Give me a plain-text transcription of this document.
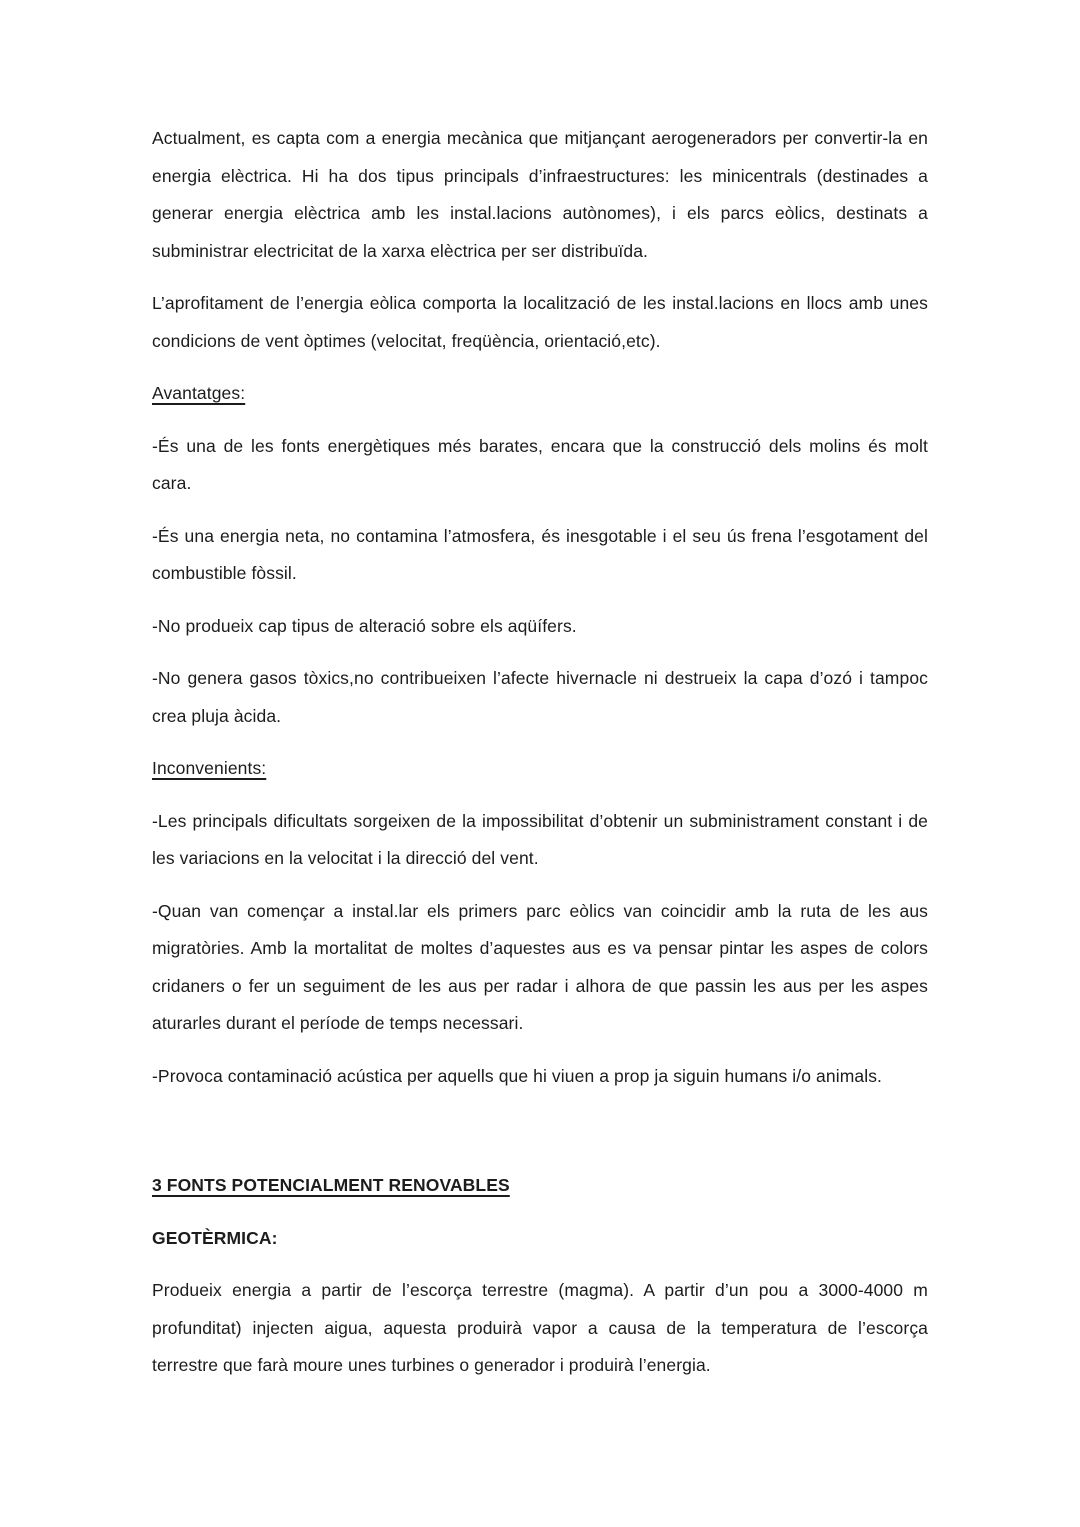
Actualment, es capta com a energia mecànica que mitjançant aerogeneradors per convertir-la en energia elèctrica. Hi ha dos tipus principals d’infraestructures: les minicentrals (destinades a generar energia elèctrica amb les instal.lacions autònomes), i els parcs eòlics, destinats a subministrar electricitat de la xarxa elèctrica per ser distribuïda.

L’aprofitament de l’energia eòlica comporta la localització de les instal.lacions en llocs amb unes condicions de vent òptimes (velocitat, freqüència, orientació,etc).

Avantatges:

-És una de les fonts energètiques més barates, encara que la construcció dels molins és molt cara.

-És una energia neta, no contamina l’atmosfera, és inesgotable i el seu ús frena l’esgotament del combustible fòssil.

-No produeix cap tipus de alteració sobre els aqüífers.

-No genera gasos tòxics,no contribueixen l’afecte hivernacle ni destrueix la capa d’ozó i tampoc crea pluja àcida.

Inconvenients:

-Les principals dificultats sorgeixen de la impossibilitat d’obtenir un subministrament constant i de les variacions en la velocitat i la direcció del vent.

-Quan van començar a instal.lar els primers parc eòlics van coincidir amb la ruta de les aus migratòries. Amb la mortalitat de moltes d’aquestes aus es va pensar pintar les aspes de colors cridaners o fer un seguiment de les aus per radar i alhora de que passin les aus per les aspes aturarles durant el període de temps necessari.

-Provoca contaminació acústica per aquells que hi viuen a prop ja siguin humans i/o animals.

3 FONTS POTENCIALMENT RENOVABLES

GEOTÈRMICA:

Produeix energia a partir de l’escorça terrestre (magma). A partir d’un pou a 3000-4000 m profunditat) injecten aigua, aquesta produirà vapor a causa de la temperatura de l’escorça terrestre que farà moure unes turbines o generador i produirà l’energia.
